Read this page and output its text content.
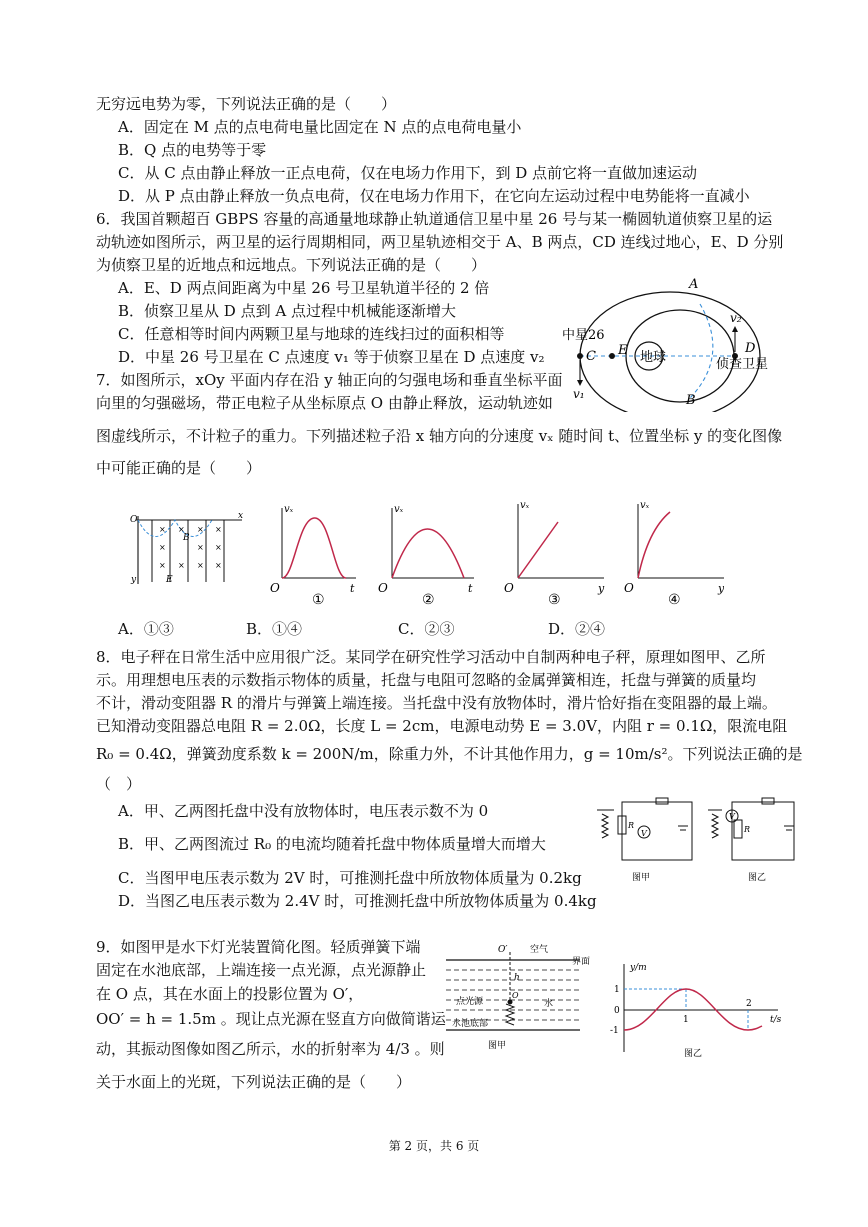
无穷远电势为零，下列说法正确的是（　　）
A．固定在 M 点的点电荷电量比固定在 N 点的点电荷电量小
B．Q 点的电势等于零
C．从 C 点由静止释放一正点电荷，仅在电场力作用下，到 D 点前它将一直做加速运动
D．从 P 点由静止释放一负点电荷，仅在电场力作用下，在它向左运动过程中电势能将一直减小
6．我国首颗超百 GBPS 容量的高通量地球静止轨道通信卫星中星 26 号与某一椭圆轨道侦察卫星的运
动轨迹如图所示，两卫星的运行周期相同，两卫星轨迹相交于 A、B 两点，CD 连线过地心，E、D 分别
为侦察卫星的近地点和远地点。下列说法正确的是（　　）
A．E、D 两点间距离为中星 26 号卫星轨道半径的 2 倍
B．侦察卫星从 D 点到 A 点过程中机械能逐渐增大
C．任意相等时间内两颗卫星与地球的连线扫过的面积相等
D．中星 26 号卫星在 C 点速度 v₁ 等于侦察卫星在 D 点速度 v₂
A
B
C
D
E 地球
中星26
侦查卫星
v₁
v₂
7．如图所示，xOy 平面内存在沿 y 轴正向的匀强电场和垂直坐标平面
向里的匀强磁场，带正电粒子从坐标原点 O 由静止释放，运动轨迹如
图虚线所示，不计粒子的重力。下列描述粒子沿 x 轴方向的分速度 vₓ 随时间 t、位置坐标 y 的变化图像
中可能正确的是（　　）
× × × ×
×	× ×
× × × ×
O
B
y
x
E
O	t
vₓ
①
O	t
vₓ
②
O	y
vₓ
③
O	y
vₓ
④
A．①③	B．①④	C．②③	D．②④
8．电子秤在日常生活中应用很广泛。某同学在研究性学习活动中自制两种电子秤，原理如图甲、乙所
示。用理想电压表的示数指示物体的质量，托盘与电阻可忽略的金属弹簧相连，托盘与弹簧的质量均
不计，滑动变阻器 R 的滑片与弹簧上端连接。当托盘中没有放物体时，滑片恰好指在变阻器的最上端。
已知滑动变阻器总电阻 R = 2.0Ω，长度 L = 2cm，电源电动势 E = 3.0V，内阻 r = 0.1Ω，限流电阻
R₀ = 0.4Ω，弹簧劲度系数 k = 200N/m，除重力外，不计其他作用力，g = 10m/s²。下列说法正确的是
（　）
A．甲、乙两图托盘中没有放物体时，电压表示数不为 0
B．甲、乙两图流过 R₀ 的电流均随着托盘中物体质量增大而增大
C．当图甲电压表示数为 2V 时，可推测托盘中所放物体质量为 0.2kg
D．当图乙电压表示数为 2.4V 时，可推测托盘中所放物体质量为 0.4kg
V
V
R	R
图甲	图乙
9．如图甲是水下灯光装置简化图。轻质弹簧下端
固定在水池底部，上端连接一点光源，点光源静止
在 O 点，其在水面上的投影位置为 O′，
OO′ = h = 1.5m 。现让点光源在竖直方向做简谐运
动，其振动图像如图乙所示，水的折射率为 4/3 。则
关于水面上的光斑，下列说法正确的是（　　）
O′	空气
界面
水
点光源
h
O
水池底部
图甲
y/m
t/s
1
0
-1
1
2
图乙
第 2 页，共 6 页
